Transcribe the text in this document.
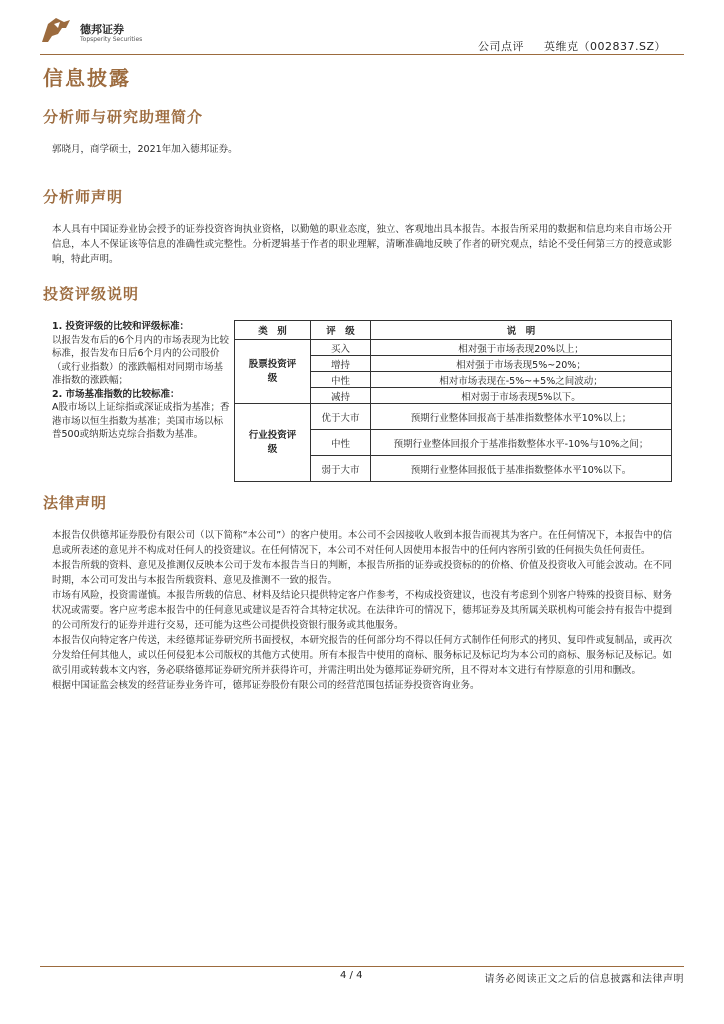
德邦证券
Topsperity Securities
公司点评 英维克（002837.SZ）
信息披露
分析师与研究助理简介

郭晓月，商学硕士，2021年加入德邦证券。

分析师声明

本人具有中国证券业协会授予的证券投资咨询执业资格，以勤勉的职业态度，独立、客观地出具本报告。本报告所采用的数据和信息均来自市场公开信息，本人不保证该等信息的准确性或完整性。分析逻辑基于作者的职业理解，清晰准确地反映了作者的研究观点，结论不受任何第三方的授意或影响，特此声明。

投资评级说明
1. 投资评级的比较和评级标准：
以报告发布后的6个月内的市场表现为比较标准，报告发布日后6个月内的公司股价（或行业指数）的涨跌幅相对同期市场基准指数的涨跌幅；
2. 市场基准指数的比较标准：
A股市场以上证综指或深证成指为基准；香港市场以恒生指数为基准；美国市场以标普500或纳斯达克综合指数为基准。
类　别	评　级	说　明

股票投资评
级	买入	相对强于市场表现20%以上；
	增持	相对强于市场表现5%~20%；
	中性	相对市场表现在-5%~+5%之间波动；
	减持	相对弱于市场表现5%以下。

行业投资评
级	优于大市	预期行业整体回报高于基准指数整体水平10%以上；
	中性	预期行业整体回报介于基准指数整体水平-10%与10%之间；
	弱于大市	预期行业整体回报低于基准指数整体水平10%以下。
法律声明

本报告仅供德邦证券股份有限公司（以下简称“本公司”）的客户使用。本公司不会因接收人收到本报告而视其为客户。在任何情况下，本报告中的信息或所表述的意见并不构成对任何人的投资建议。在任何情况下，本公司不对任何人因使用本报告中的任何内容所引致的任何损失负任何责任。
本报告所载的资料、意见及推测仅反映本公司于发布本报告当日的判断，本报告所指的证券或投资标的的价格、价值及投资收入可能会波动。在不同时期，本公司可发出与本报告所载资料、意见及推测不一致的报告。
市场有风险，投资需谨慎。本报告所载的信息、材料及结论只提供特定客户作参考，不构成投资建议，也没有考虑到个别客户特殊的投资目标、财务状况或需要。客户应考虑本报告中的任何意见或建议是否符合其特定状况。在法律许可的情况下，德邦证券及其所属关联机构可能会持有报告中提到的公司所发行的证券并进行交易，还可能为这些公司提供投资银行服务或其他服务。
本报告仅向特定客户传送，未经德邦证券研究所书面授权，本研究报告的任何部分均不得以任何方式制作任何形式的拷贝、复印件或复制品，或再次分发给任何其他人，或以任何侵犯本公司版权的其他方式使用。所有本报告中使用的商标、服务标记及标记均为本公司的商标、服务标记及标记。如欲引用或转载本文内容，务必联络德邦证券研究所并获得许可，并需注明出处为德邦证券研究所，且不得对本文进行有悖原意的引用和删改。
根据中国证监会核发的经营证券业务许可，德邦证券股份有限公司的经营范围包括证券投资咨询业务。

4 / 4	请务必阅读正文之后的信息披露和法律声明
